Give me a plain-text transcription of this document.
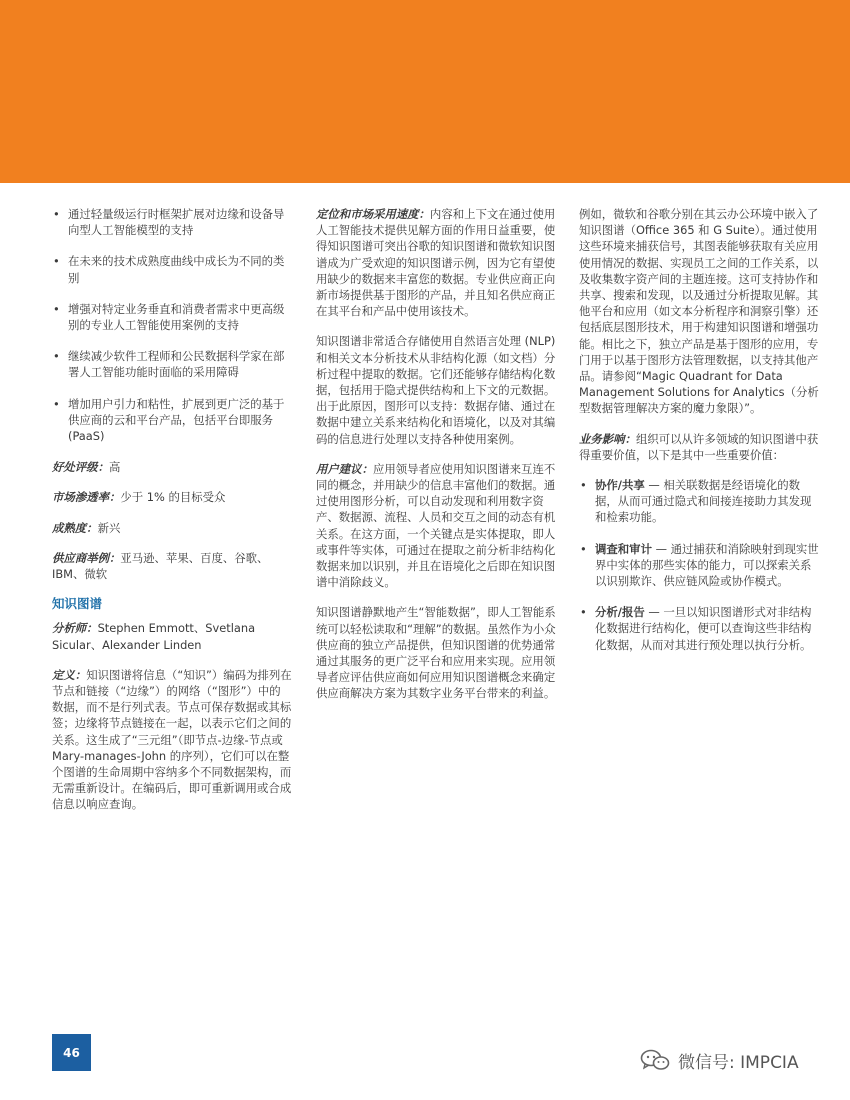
• 通过轻量级运行时框架扩展对边缘和设备导向型人工智能模型的支持
• 在未来的技术成熟度曲线中成长为不同的类别
• 增强对特定业务垂直和消费者需求中更高级别的专业人工智能使用案例的支持
• 继续减少软件工程师和公民数据科学家在部署人工智能功能时面临的采用障碍
• 增加用户引力和粘性，扩展到更广泛的基于供应商的云和平台产品，包括平台即服务 (PaaS)

好处评级：高

市场渗透率：少于 1% 的目标受众

成熟度：新兴

供应商举例：亚马逊、苹果、百度、谷歌、IBM、微软

知识图谱

分析师：Stephen Emmott、Svetlana Sicular、Alexander Linden

定义：知识图谱将信息（“知识”）编码为排列在节点和链接（“边缘”）的网络（“图形”）中的数据，而不是行列式表。节点可保存数据或其标签；边缘将节点链接在一起，以表示它们之间的关系。这生成了“三元组”（即节点-边缘-节点或 Mary-manages-John 的序列），它们可以在整个图谱的生命周期中容纳多个不同数据架构，而无需重新设计。在编码后，即可重新调用或合成信息以响应查询。

定位和市场采用速度：内容和上下文在通过使用人工智能技术提供见解方面的作用日益重要，使得知识图谱可突出谷歌的知识图谱和微软知识图谱成为广受欢迎的知识图谱示例，因为它有望使用缺少的数据来丰富您的数据。专业供应商正向新市场提供基于图形的产品，并且知名供应商正在其平台和产品中使用该技术。

知识图谱非常适合存储使用自然语言处理 (NLP) 和相关文本分析技术从非结构化源（如文档）分析过程中提取的数据。它们还能够存储结构化数据，包括用于隐式提供结构和上下文的元数据。出于此原因，图形可以支持：数据存储、通过在数据中建立关系来结构化和语境化，以及对其编码的信息进行处理以支持各种使用案例。

用户建议：应用领导者应使用知识图谱来互连不同的概念，并用缺少的信息丰富他们的数据。通过使用图形分析，可以自动发现和利用数字资产、数据源、流程、人员和交互之间的动态有机关系。在这方面，一个关键点是实体提取，即人或事件等实体，可通过在提取之前分析非结构化数据来加以识别，并且在语境化之后即在知识图谱中消除歧义。

知识图谱静默地产生“智能数据”，即人工智能系统可以轻松读取和“理解”的数据。虽然作为小众供应商的独立产品提供，但知识图谱的优势通常通过其服务的更广泛平台和应用来实现。应用领导者应评估供应商如何应用知识图谱概念来确定供应商解决方案为其数字业务平台带来的利益。

例如，微软和谷歌分别在其云办公环境中嵌入了知识图谱（Office 365 和 G Suite）。通过使用这些环境来捕获信号，其图表能够获取有关应用使用情况的数据、实现员工之间的工作关系，以及收集数字资产间的主题连接。这可支持协作和共享、搜索和发现，以及通过分析提取见解。其他平台和应用（如文本分析程序和洞察引擎）还包括底层图形技术，用于构建知识图谱和增强功能。相比之下，独立产品是基于图形的应用，专门用于以基于图形方法管理数据，以支持其他产品。请参阅“Magic Quadrant for Data Management Solutions for Analytics（分析型数据管理解决方案的魔力象限）”。

业务影响：组织可以从许多领域的知识图谱中获得重要价值，以下是其中一些重要价值：

• 协作/共享 — 相关联数据是经语境化的数据，从而可通过隐式和间接连接助力其发现和检索功能。
• 调查和审计 — 通过捕获和消除映射到现实世界中实体的那些实体的能力，可以探索关系以识别欺诈、供应链风险或协作模式。
• 分析/报告 — 一旦以知识图谱形式对非结构化数据进行结构化，便可以查询这些非结构化数据，从而对其进行预处理以执行分析。
46	微信号: IMPCIA
